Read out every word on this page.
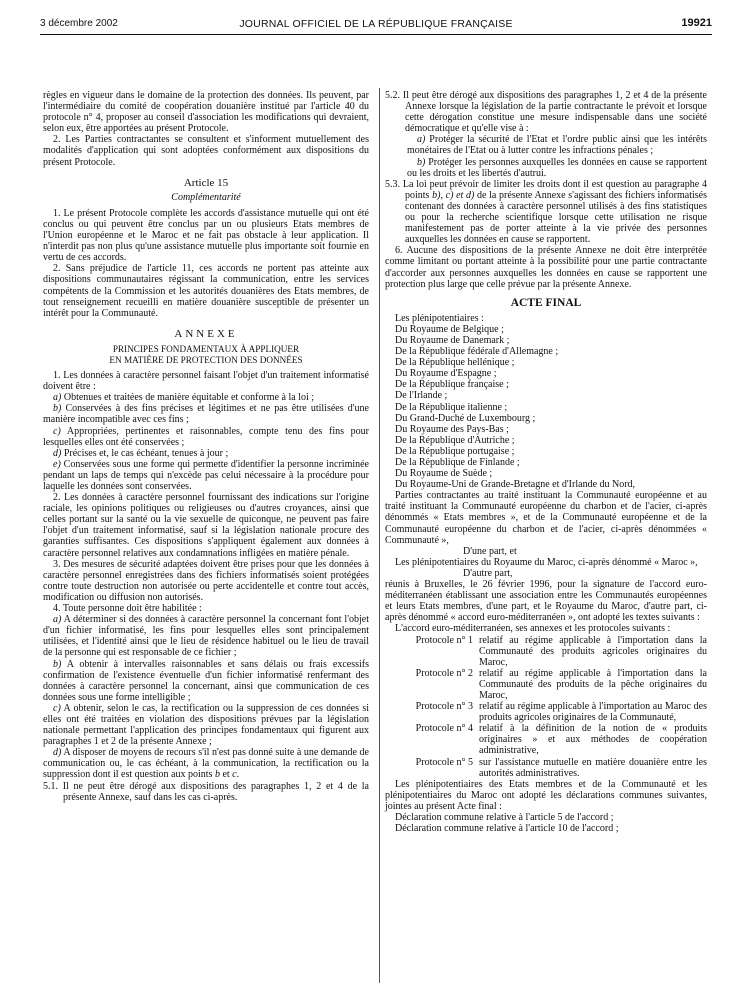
3 décembre 2002	JOURNAL OFFICIEL DE LA RÉPUBLIQUE FRANÇAISE	19921

règles en vigueur dans le domaine de la protection des données. Ils peuvent, par l'intermédiaire du comité de coopération douanière institué par l'article 40 du protocole n° 4, proposer au conseil d'association les modifications qui devraient, selon eux, être apportées au présent Protocole.

2. Les Parties contractantes se consultent et s'informent mutuellement des modalités d'application qui sont adoptées conformément aux dispositions du présent Protocole.

Article 15

Complémentarité

1. Le présent Protocole complète les accords d'assistance mutuelle qui ont été conclus ou qui peuvent être conclus par un ou plusieurs Etats membres de l'Union européenne et le Maroc et ne fait pas obstacle à leur application. Il n'interdit pas non plus qu'une assistance mutuelle plus importante soit fournie en vertu de ces accords.

2. Sans préjudice de l'article 11, ces accords ne portent pas atteinte aux dispositions communautaires régissant la communication, entre les services compétents de la Commission et les autorités douanières des Etats membres, de tout renseignement recueilli en matière douanière susceptible de présenter un intérêt pour la Communauté.

ANNEXE

PRINCIPES FONDAMENTAUX À APPLIQUER

EN MATIÈRE DE PROTECTION DES DONNÉES

1. Les données à caractère personnel faisant l'objet d'un traitement informatisé doivent être :

a) Obtenues et traitées de manière équitable et conforme à la loi ;

b) Conservées à des fins précises et légitimes et ne pas être utilisées d'une manière incompatible avec ces fins ;

c) Appropriées, pertinentes et raisonnables, compte tenu des fins pour lesquelles elles ont été conservées ;

d) Précises et, le cas échéant, tenues à jour ;

e) Conservées sous une forme qui permette d'identifier la personne incriminée pendant un laps de temps qui n'excède pas celui nécessaire à la procédure pour laquelle les données sont conservées.

2. Les données à caractère personnel fournissant des indications sur l'origine raciale, les opinions politiques ou religieuses ou d'autres croyances, ainsi que celles portant sur la santé ou la vie sexuelle de quiconque, ne peuvent pas faire l'objet d'un traitement informatisé, sauf si la législation nationale procure des garanties suffisantes. Ces dispositions s'appliquent également aux données à caractère personnel relatives aux condamnations infligées en matière pénale.

3. Des mesures de sécurité adaptées doivent être prises pour que les données à caractère personnel enregistrées dans des fichiers informatisés soient protégées contre toute destruction non autorisée ou perte accidentelle et contre tout accès, modification ou diffusion non autorisés.

4. Toute personne doit être habilitée :

a) A déterminer si des données à caractère personnel la concernant font l'objet d'un fichier informatisé, les fins pour lesquelles elles sont principalement utilisées, et l'identité ainsi que le lieu de résidence habituel ou le lieu de travail de la personne qui est responsable de ce fichier ;

b) A obtenir à intervalles raisonnables et sans délais ou frais excessifs confirmation de l'existence éventuelle d'un fichier informatisé renfermant des données à caractère personnel la concernant, ainsi que communication de ces données sous une forme intelligible ;

c) A obtenir, selon le cas, la rectification ou la suppression de ces données si elles ont été traitées en violation des dispositions prévues par la législation nationale permettant l'application des principes fondamentaux qui figurent aux paragraphes 1 et 2 de la présente Annexe ;

d) A disposer de moyens de recours s'il n'est pas donné suite à une demande de communication ou, le cas échéant, à la communication, la rectification ou la suppression dont il est question aux points b et c.

5.1. Il ne peut être dérogé aux dispositions des paragraphes 1, 2 et 4 de la présente Annexe, sauf dans les cas ci-après.

5.2. Il peut être dérogé aux dispositions des paragraphes 1, 2 et 4 de la présente Annexe lorsque la législation de la partie contractante le prévoit et lorsque cette dérogation constitue une mesure indispensable dans une société démocratique et qu'elle vise à :

a) Protéger la sécurité de l'Etat et l'ordre public ainsi que les intérêts monétaires de l'Etat ou à lutter contre les infractions pénales ;

b) Protéger les personnes auxquelles les données en cause se rapportent ou les droits et les libertés d'autrui.

5.3. La loi peut prévoir de limiter les droits dont il est question au paragraphe 4 points b), c) et d) de la présente Annexe s'agissant des fichiers informatisés contenant des données à caractère personnel utilisés à des fins statistiques ou pour la recherche scientifique lorsque cette utilisation ne risque manifestement pas de porter atteinte à la vie privée des personnes auxquelles les données en cause se rapportent.

6. Aucune des dispositions de la présente Annexe ne doit être interprétée comme limitant ou portant atteinte à la possibilité pour une partie contractante d'accorder aux personnes auxquelles les données en cause se rapportent une protection plus large que celle prévue par la présente Annexe.

ACTE FINAL

Les plénipotentiaires :

Du Royaume de Belgique ;

Du Royaume de Danemark ;

De la République fédérale d'Allemagne ;

De la République hellénique ;

Du Royaume d'Espagne ;

De la République française ;

De l'Irlande ;

De la République italienne ;

Du Grand-Duché de Luxembourg ;

Du Royaume des Pays-Bas ;

De la République d'Autriche ;

De la République portugaise ;

De la République de Finlande ;

Du Royaume de Suède ;

Du Royaume-Uni de Grande-Bretagne et d'Irlande du Nord,

Parties contractantes au traité instituant la Communauté européenne et au traité instituant la Communauté européenne du charbon et de l'acier, ci-après dénommés « Etats membres », et de la Communauté européenne et de la Communauté européenne du charbon et de l'acier, ci-après dénommées « Communauté »,

D'une part, et

Les plénipotentiaires du Royaume du Maroc, ci-après dénommé « Maroc »,

D'autre part,

réunis à Bruxelles, le 26 février 1996, pour la signature de l'accord euro-méditerranéen établissant une association entre les Communautés européennes et leurs Etats membres, d'une part, et le Royaume du Maroc, d'autre part, ci-après dénommé « accord euro-méditerranéen », ont adopté les textes suivants :

L'accord euro-méditerranéen, ses annexes et les protocoles suivants :

Protocole n° 1 relatif au régime applicable à l'importation dans la Communauté des produits agricoles originaires du Maroc,
Protocole n° 2 relatif au régime applicable à l'importation dans la Communauté des produits de la pêche originaires du Maroc,
Protocole n° 3 relatif au régime applicable à l'importation au Maroc des produits agricoles originaires de la Communauté,
Protocole n° 4 relatif à la définition de la notion de « produits originaires » et aux méthodes de coopération administrative,
Protocole n° 5 sur l'assistance mutuelle en matière douanière entre les autorités administratives.

Les plénipotentiaires des Etats membres et de la Communauté et les plénipotentiaires du Maroc ont adopté les déclarations communes suivantes, jointes au présent Acte final :

Déclaration commune relative à l'article 5 de l'accord ;

Déclaration commune relative à l'article 10 de l'accord ;
